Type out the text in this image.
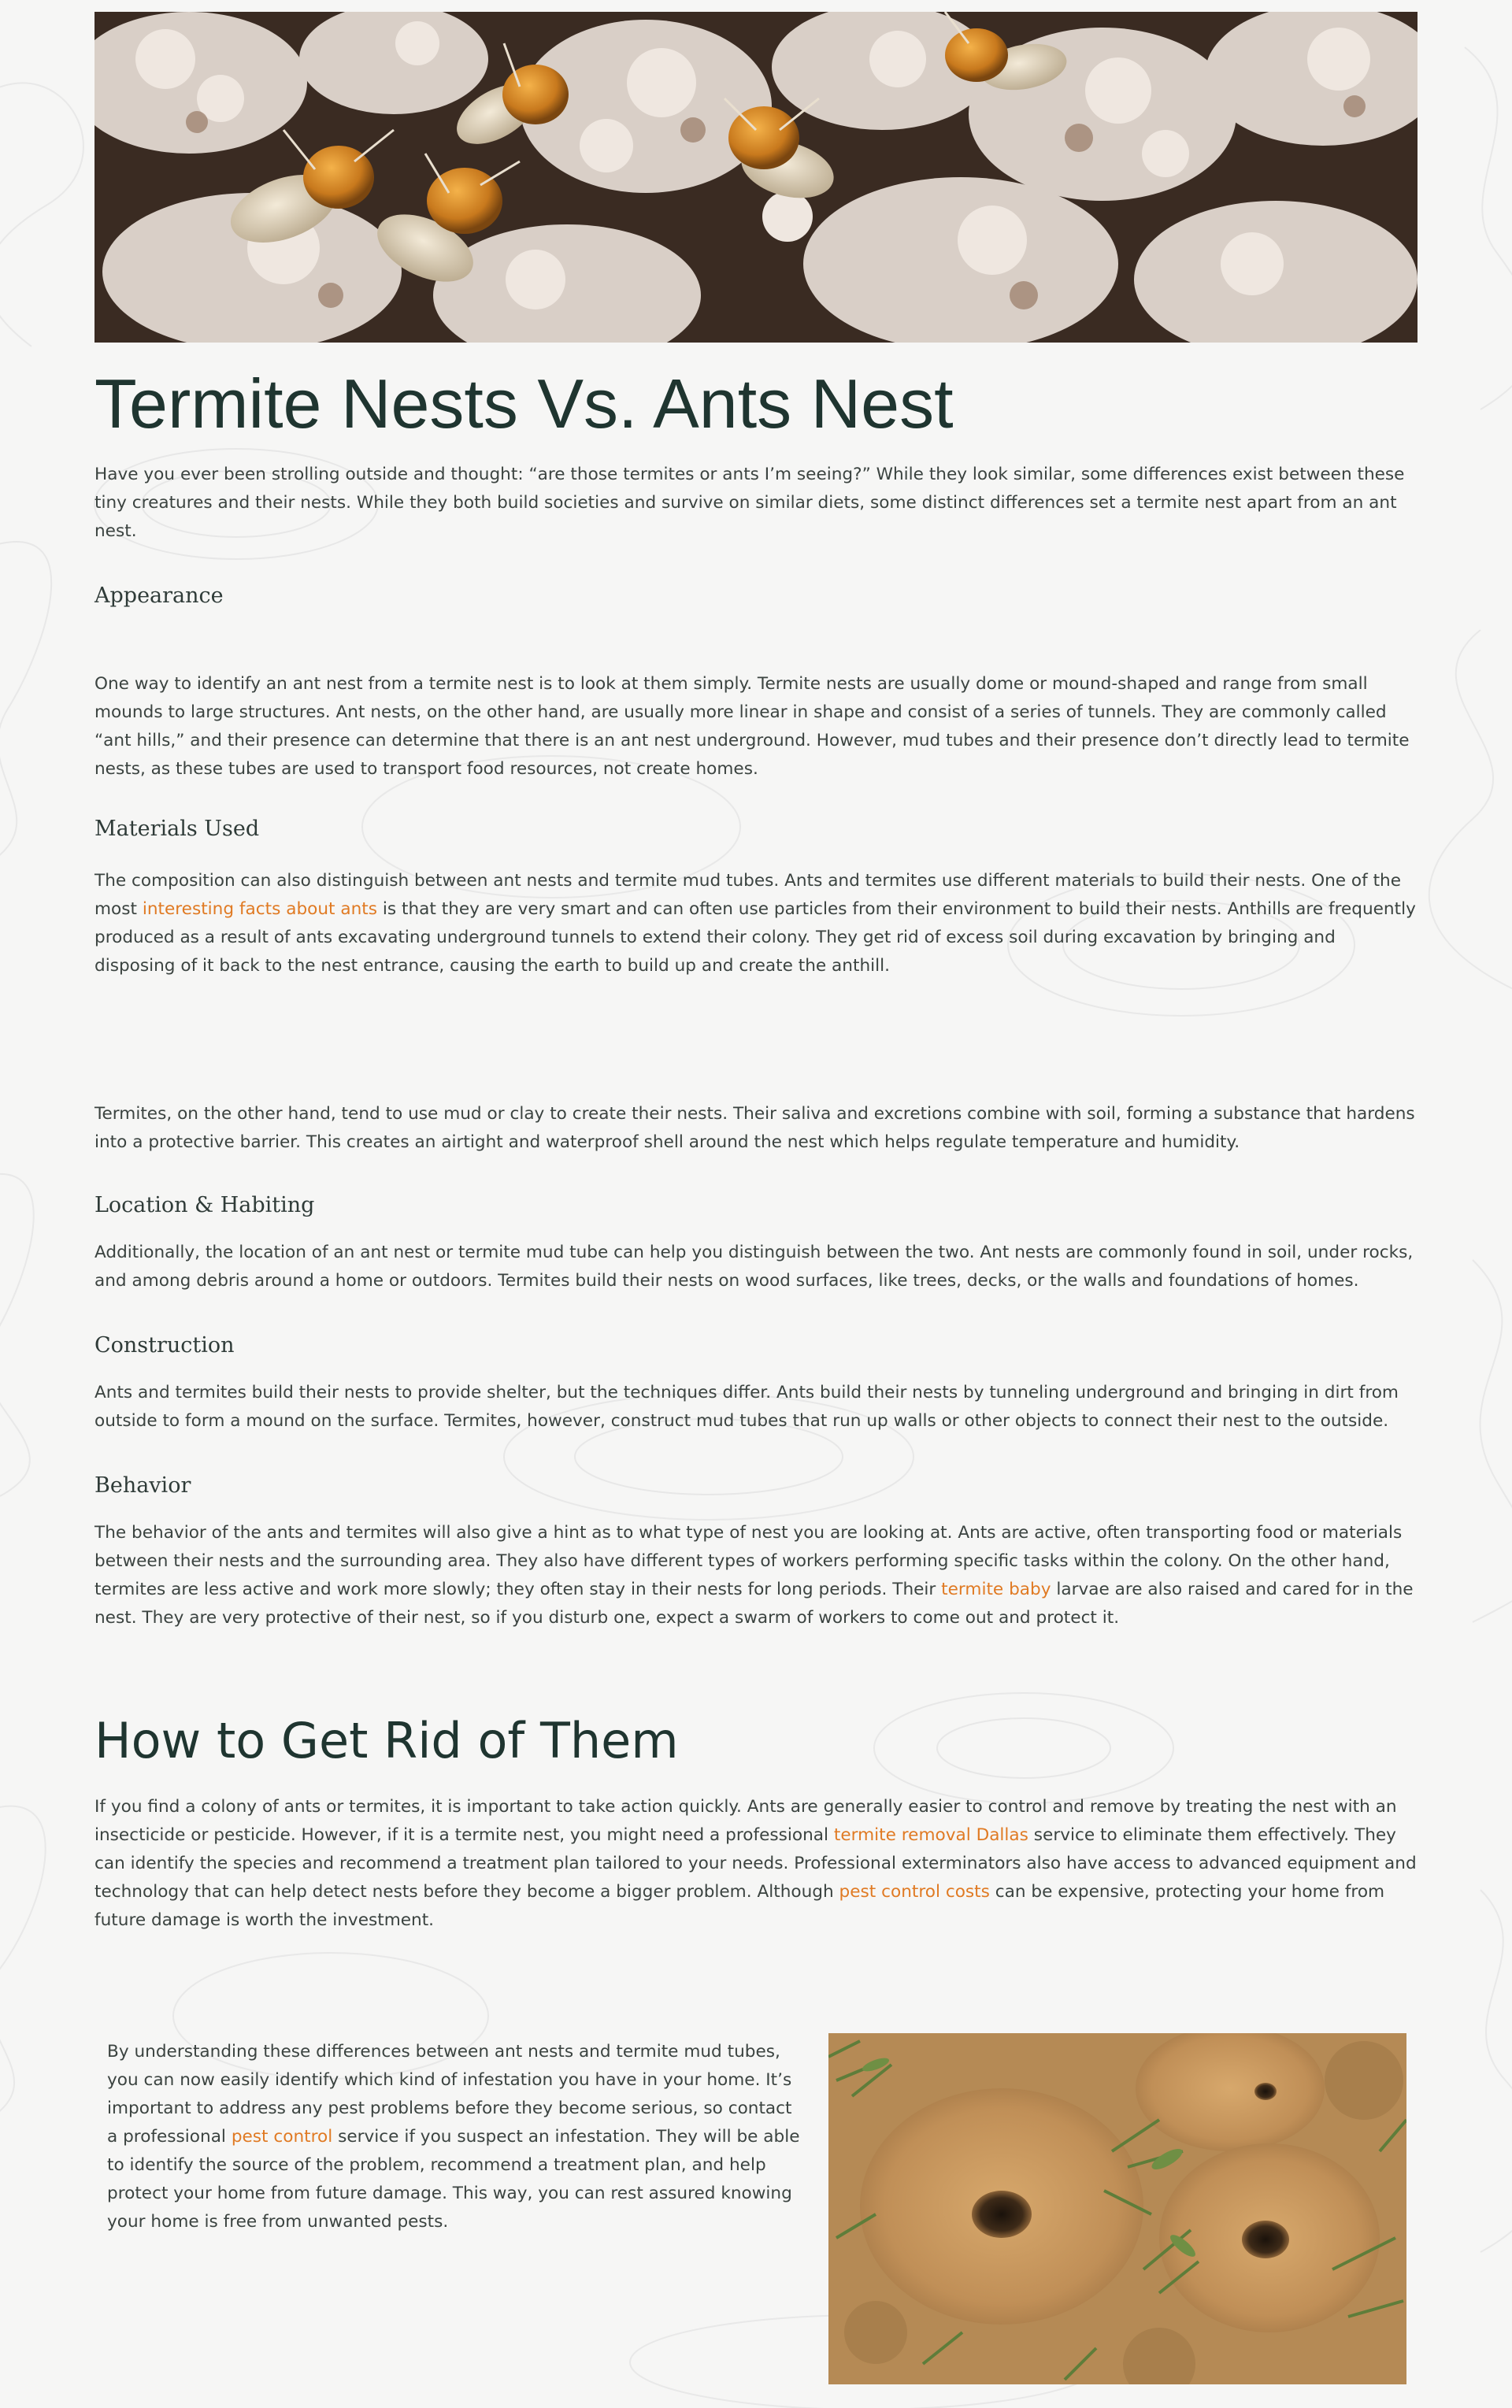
Termite Nests Vs. Ants Nest

Have you ever been strolling outside and thought: “are those termites or ants I’m seeing?” While they look similar, some differences exist between these tiny creatures and their nests. While they both build societies and survive on similar diets, some distinct differences set a termite nest apart from an ant nest.

Appearance

One way to identify an ant nest from a termite nest is to look at them simply. Termite nests are usually dome or mound-shaped and range from small mounds to large structures. Ant nests, on the other hand, are usually more linear in shape and consist of a series of tunnels. They are commonly called “ant hills,” and their presence can determine that there is an ant nest underground. However, mud tubes and their presence don’t directly lead to termite nests, as these tubes are used to transport food resources, not create homes.

Materials Used

The composition can also distinguish between ant nests and termite mud tubes. Ants and termites use different materials to build their nests. One of the most interesting facts about ants is that they are very smart and can often use particles from their environment to build their nests. Anthills are frequently produced as a result of ants excavating underground tunnels to extend their colony. They get rid of excess soil during excavation by bringing and disposing of it back to the nest entrance, causing the earth to build up and create the anthill.

Termites, on the other hand, tend to use mud or clay to create their nests. Their saliva and excretions combine with soil, forming a substance that hardens into a protective barrier. This creates an airtight and waterproof shell around the nest which helps regulate temperature and humidity.

Location & Habiting

Additionally, the location of an ant nest or termite mud tube can help you distinguish between the two. Ant nests are commonly found in soil, under rocks, and among debris around a home or outdoors. Termites build their nests on wood surfaces, like trees, decks, or the walls and foundations of homes.

Construction

Ants and termites build their nests to provide shelter, but the techniques differ. Ants build their nests by tunneling underground and bringing in dirt from outside to form a mound on the surface. Termites, however, construct mud tubes that run up walls or other objects to connect their nest to the outside.

Behavior

The behavior of the ants and termites will also give a hint as to what type of nest you are looking at. Ants are active, often transporting food or materials between their nests and the surrounding area. They also have different types of workers performing specific tasks within the colony. On the other hand, termites are less active and work more slowly; they often stay in their nests for long periods. Their termite baby larvae are also raised and cared for in the nest. They are very protective of their nest, so if you disturb one, expect a swarm of workers to come out and protect it.

How to Get Rid of Them

If you find a colony of ants or termites, it is important to take action quickly. Ants are generally easier to control and remove by treating the nest with an insecticide or pesticide. However, if it is a termite nest, you might need a professional termite removal Dallas service to eliminate them effectively. They can identify the species and recommend a treatment plan tailored to your needs. Professional exterminators also have access to advanced equipment and technology that can help detect nests before they become a bigger problem. Although pest control costs can be expensive, protecting your home from future damage is worth the investment.

By understanding these differences between ant nests and termite mud tubes, you can now easily identify which kind of infestation you have in your home. It’s important to address any pest problems before they become serious, so contact a professional pest control service if you suspect an infestation. They will be able to identify the source of the problem, recommend a treatment plan, and help protect your home from future damage. This way, you can rest assured knowing your home is free from unwanted pests.
